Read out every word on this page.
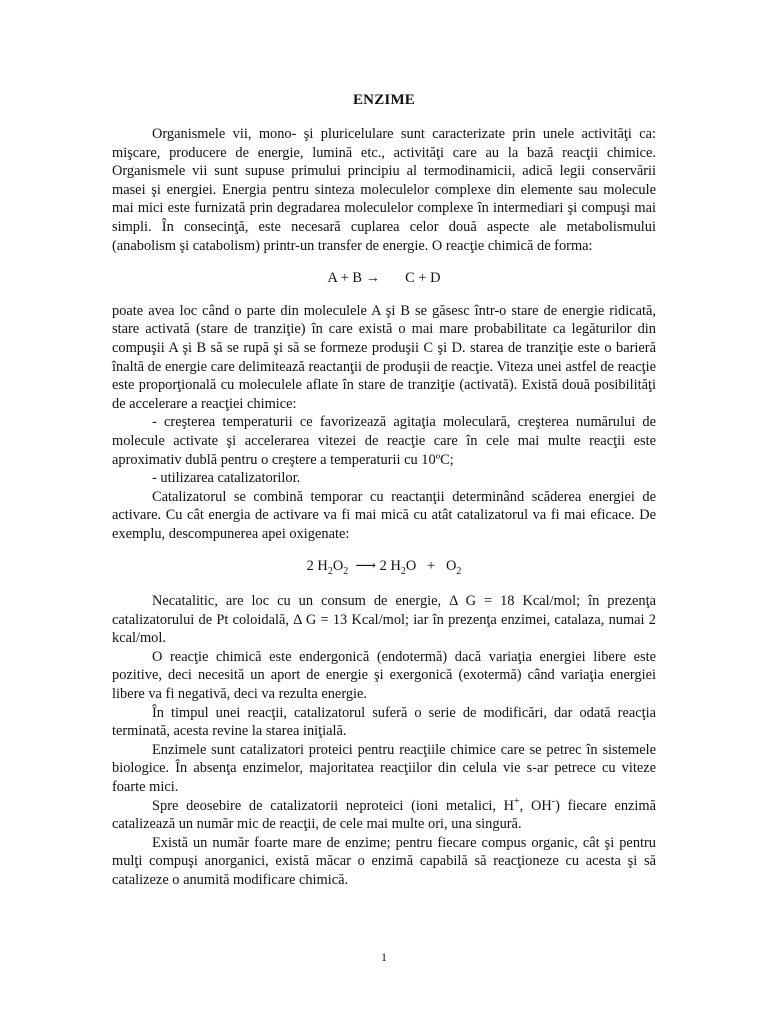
ENZIME

Organismele vii, mono- şi pluricelulare sunt caracterizate prin unele activităţi ca: mişcare, producere de energie, lumină etc., activităţi care au la bază reacţii chimice. Organismele vii sunt supuse primului principiu al termodinamicii, adică legii conservării masei şi energiei. Energia pentru sinteza moleculelor complexe din elemente sau molecule mai mici este furnizată prin degradarea moleculelor complexe în intermediari şi compuşi mai simpli. În consecinţă, este necesară cuplarea celor două aspecte ale metabolismului (anabolism şi catabolism) printr-un transfer de energie. O reacţie chimică de forma:

A + B →       C + D

poate avea loc când o parte din moleculele A şi B se găsesc într-o stare de energie ridicată, stare activată (stare de tranziţie) în care există o mai mare probabilitate ca legăturilor din compuşii A şi B să se rupă şi să se formeze produşii C şi D. starea de tranziţie este o barieră înaltă de energie care delimitează reactanţii de produşii de reacţie. Viteza unei astfel de reacţie este proporţională cu moleculele aflate în stare de tranziţie (activată). Există două posibilităţi de accelerare a reacţiei chimice:

- creşterea temperaturii ce favorizează agitaţia moleculară, creşterea numărului de molecule activate şi accelerarea vitezei de reacţie care în cele mai multe reacţii este aproximativ dublă pentru o creştere a temperaturii cu 10ºC;

- utilizarea catalizatorilor.

Catalizatorul se combină temporar cu reactanţii determinând scăderea energiei de activare. Cu cât energia de activare va fi mai mică cu atât catalizatorul va fi mai eficace. De exemplu, descompunerea apei oxigenate:

2 $H_2O_2$  ⟶ 2 $H_2O + O_2$

Necatalitic, are loc cu un consum de energie, Δ G = 18 Kcal/mol; în prezenţa catalizatorului de Pt coloidală, Δ G = 13 Kcal/mol; iar în prezenţa enzimei, catalaza, numai 2 kcal/mol.

O reacţie chimică este endergonică (endotermă) dacă variaţia energiei libere este pozitive, deci necesită un aport de energie şi exergonică (exotermă) când variaţia energiei libere va fi negativă, deci va rezulta energie.

În timpul unei reacţii, catalizatorul suferă o serie de modificări, dar odată reacţia terminată, acesta revine la starea iniţială.

Enzimele sunt catalizatori proteici pentru reacţiile chimice care se petrec în sistemele biologice. În absenţa enzimelor, majoritatea reacţiilor din celula vie s-ar petrece cu viteze foarte mici.

Spre deosebire de catalizatorii neproteici (ioni metalici, H+, OH-) fiecare enzimă catalizează un număr mic de reacţii, de cele mai multe ori, una singură.

Există un număr foarte mare de enzime; pentru fiecare compus organic, cât şi pentru mulţi compuşi anorganici, există măcar o enzimă capabilă să reacţioneze cu acesta şi să catalizeze o anumită modificare chimică.

1
